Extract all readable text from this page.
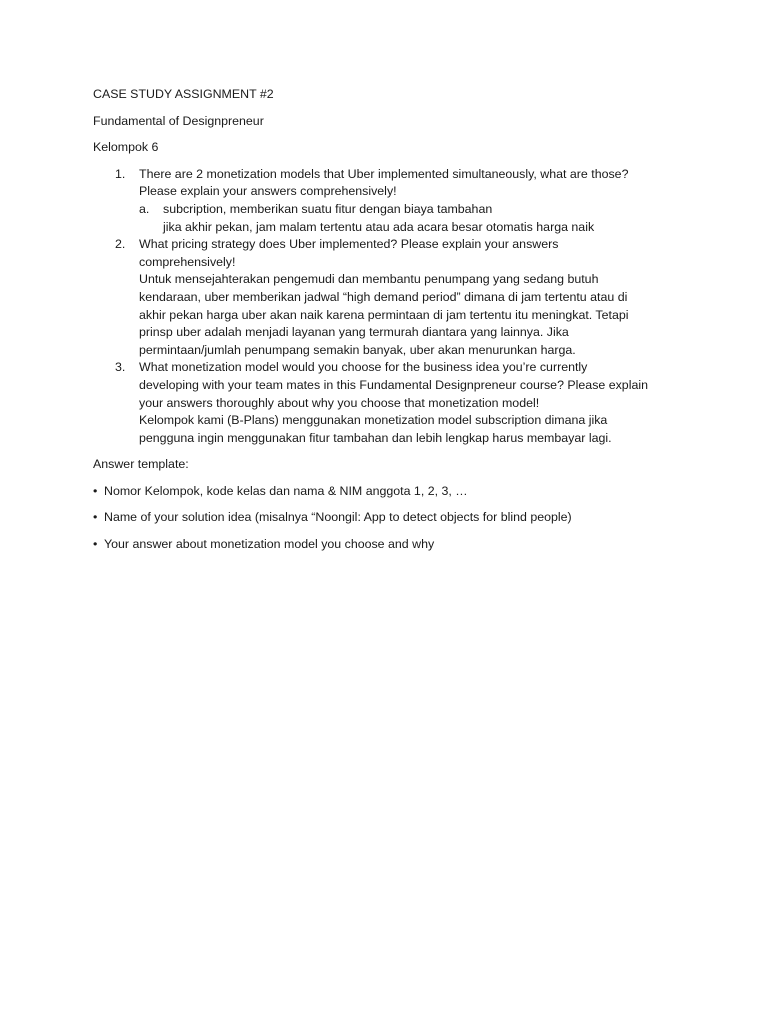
CASE STUDY ASSIGNMENT #2

Fundamental of Designpreneur

Kelompok 6

1. There are 2 monetization models that Uber implemented simultaneously, what are those?
Please explain your answers comprehensively!
a. subcription, memberikan suatu fitur dengan biaya tambahan
jika akhir pekan, jam malam tertentu atau ada acara besar otomatis harga naik
2. What pricing strategy does Uber implemented? Please explain your answers
comprehensively!
Untuk mensejahterakan pengemudi dan membantu penumpang yang sedang butuh
kendaraan, uber memberikan jadwal “high demand period” dimana di jam tertentu atau di
akhir pekan harga uber akan naik karena permintaan di jam tertentu itu meningkat. Tetapi
prinsp uber adalah menjadi layanan yang termurah diantara yang lainnya. Jika
permintaan/jumlah penumpang semakin banyak, uber akan menurunkan harga.
3. What monetization model would you choose for the business idea you’re currently
developing with your team mates in this Fundamental Designpreneur course? Please explain
your answers thoroughly about why you choose that monetization model!
Kelompok kami (B-Plans) menggunakan monetization model subscription dimana jika
pengguna ingin menggunakan fitur tambahan dan lebih lengkap harus membayar lagi.

Answer template:

• Nomor Kelompok, kode kelas dan nama & NIM anggota 1, 2, 3, …
• Name of your solution idea (misalnya “Noongil: App to detect objects for blind people)
• Your answer about monetization model you choose and why
